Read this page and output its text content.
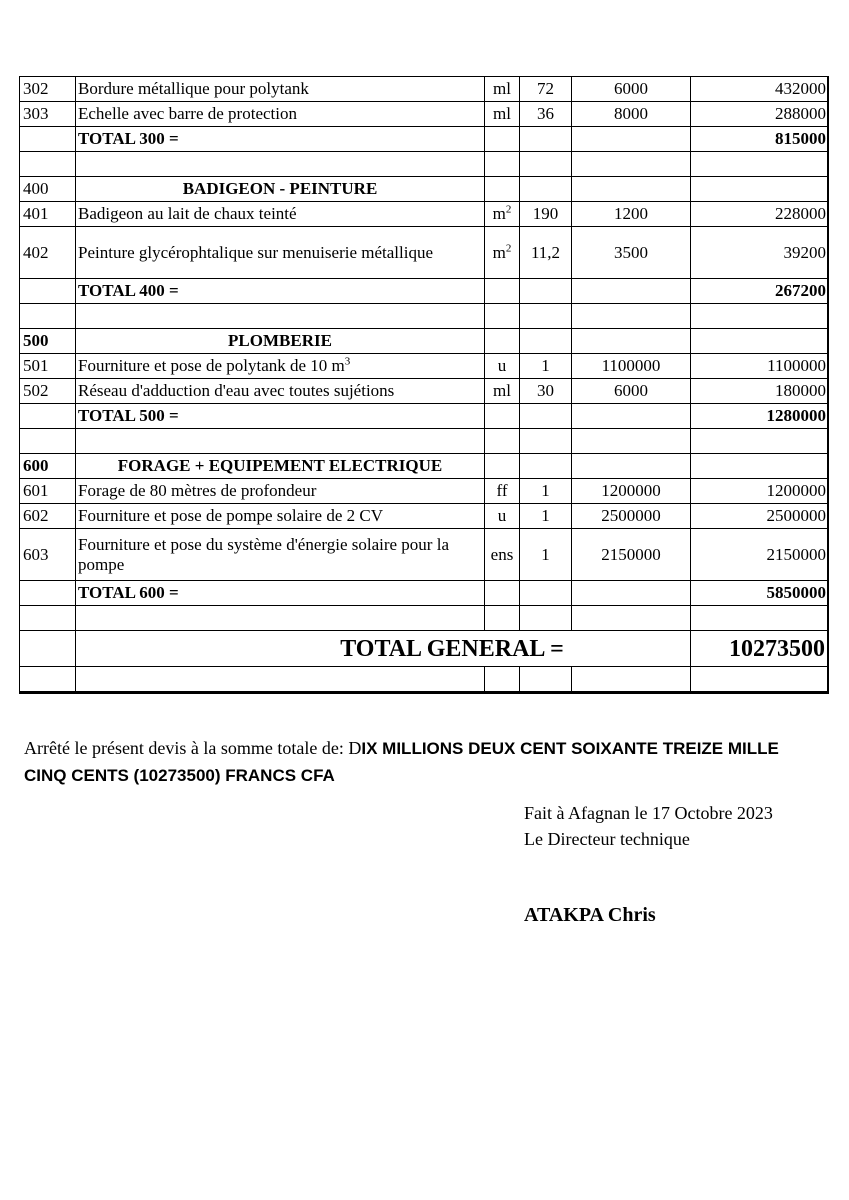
302	Bordure métallique pour polytank	ml	72	6000	432000
303	Echelle avec barre de protection	ml	36	8000	288000
	TOTAL 300 =				815000

400	BADIGEON - PEINTURE				
401	Badigeon au lait de chaux teinté	$m^2$	190	1200	228000
402	Peinture glycérophtalique sur menuiserie métallique	$m^2$	11,2	3500	39200
	TOTAL 400 =				267200

500	PLOMBERIE				
501	Fourniture et pose de polytank de 10 $m^3$	u	1	1100000	1100000
502	Réseau d'adduction d'eau avec toutes sujétions	ml	30	6000	180000
	TOTAL 500 =				1280000

600	FORAGE + EQUIPEMENT ELECTRIQUE				
601	Forage de 80 mètres de profondeur	ff	1	1200000	1200000
602	Fourniture et pose de pompe solaire de 2 CV	u	1	2500000	2500000
603	Fourniture et pose du système d'énergie solaire pour la pompe	ens	1	2150000	2150000
	TOTAL 600 =				5850000

	TOTAL GENERAL =				10273500

Arrêté le présent devis à la somme totale de: DIX MILLIONS DEUX CENT SOIXANTE TREIZE MILLE CINQ CENTS (10273500) FRANCS CFA
Fait à Afagnan le 17 Octobre 2023
Le Directeur technique
ATAKPA Chris
